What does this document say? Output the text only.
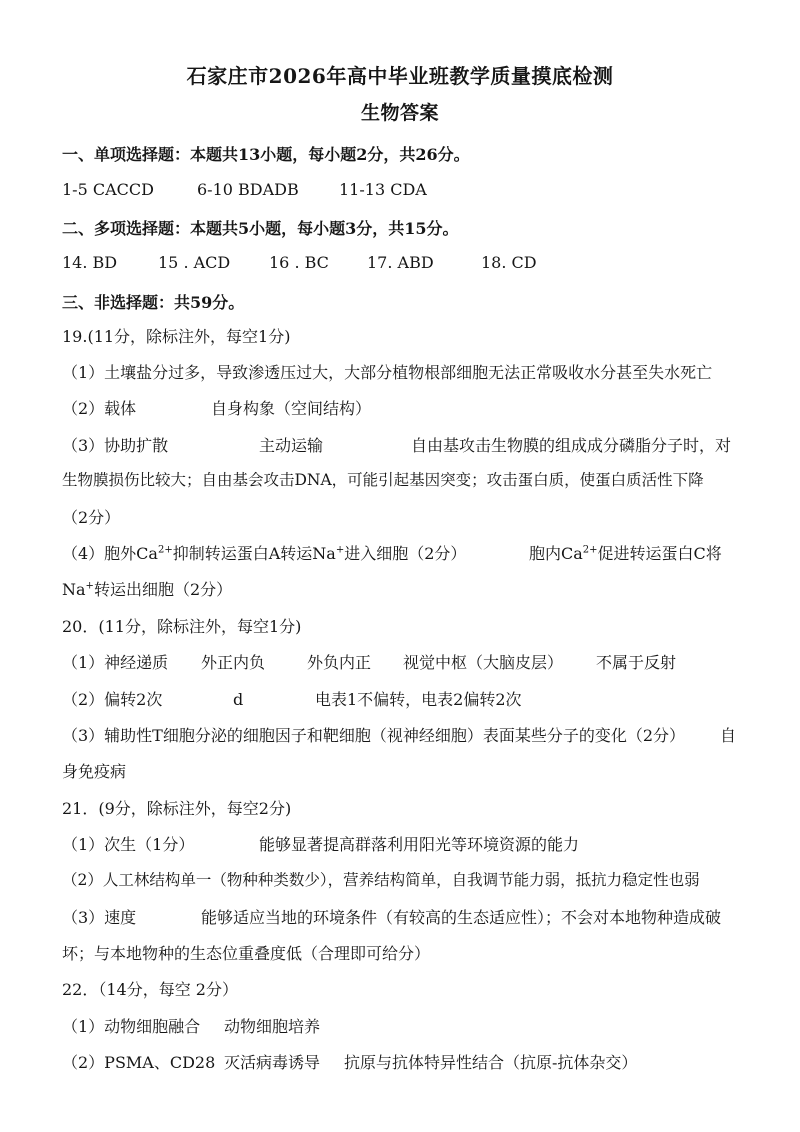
石家庄市2026年高中毕业班教学质量摸底检测
生物答案
一、单项选择题：本题共13小题，每小题2分，共26分。
1-5 CACCD	6-10 BDADB	11-13 CDA
二、多项选择题：本题共5小题，每小题3分，共15分。
14. BD	15 . ACD 16 . BC 17. ABD	18. CD
三、非选择题：共59分。
19.(11分，除标注外，每空1分)
（1）土壤盐分过多，导致渗透压过大，大部分植物根部细胞无法正常吸收水分甚至失水死亡
（2）载体	自身构象（空间结构）
（3）协助扩散	主动运输	自由基攻击生物膜的组成成分磷脂分子时，对
生物膜损伤比较大；自由基会攻击DNA，可能引起基因突变；攻击蛋白质，使蛋白质活性下降
（2分）
（4）胞外$Ca^{2+}$抑制转运蛋白A转运Na+进入细胞（2分）	胞内$Ca^{2+}$促进转运蛋白C将
Na+转运出细胞（2分）
20．(11分，除标注外，每空1分)
（1）神经递质 外正内负	外负内正 视觉中枢（大脑皮层） 不属于反射
（2）偏转2次	d	电表1不偏转，电表2偏转2次
（3）辅助性T细胞分泌的细胞因子和靶细胞（视神经细胞）表面某些分子的变化（2分） 自
身免疫病
21．(9分，除标注外，每空2分)
（1）次生（1分）	能够显著提高群落利用阳光等环境资源的能力
（2）人工林结构单一（物种种类数少），营养结构简单，自我调节能力弱，抵抗力稳定性也弱
（3）速度	能够适应当地的环境条件（有较高的生态适应性）；不会对本地物种造成破
坏；与本地物种的生态位重叠度低（合理即可给分）
22．（14分，每空 2分）
（1）动物细胞融合 动物细胞培养
（2）PSMA、CD28 灭活病毒诱导 抗原与抗体特异性结合（抗原-抗体杂交）
